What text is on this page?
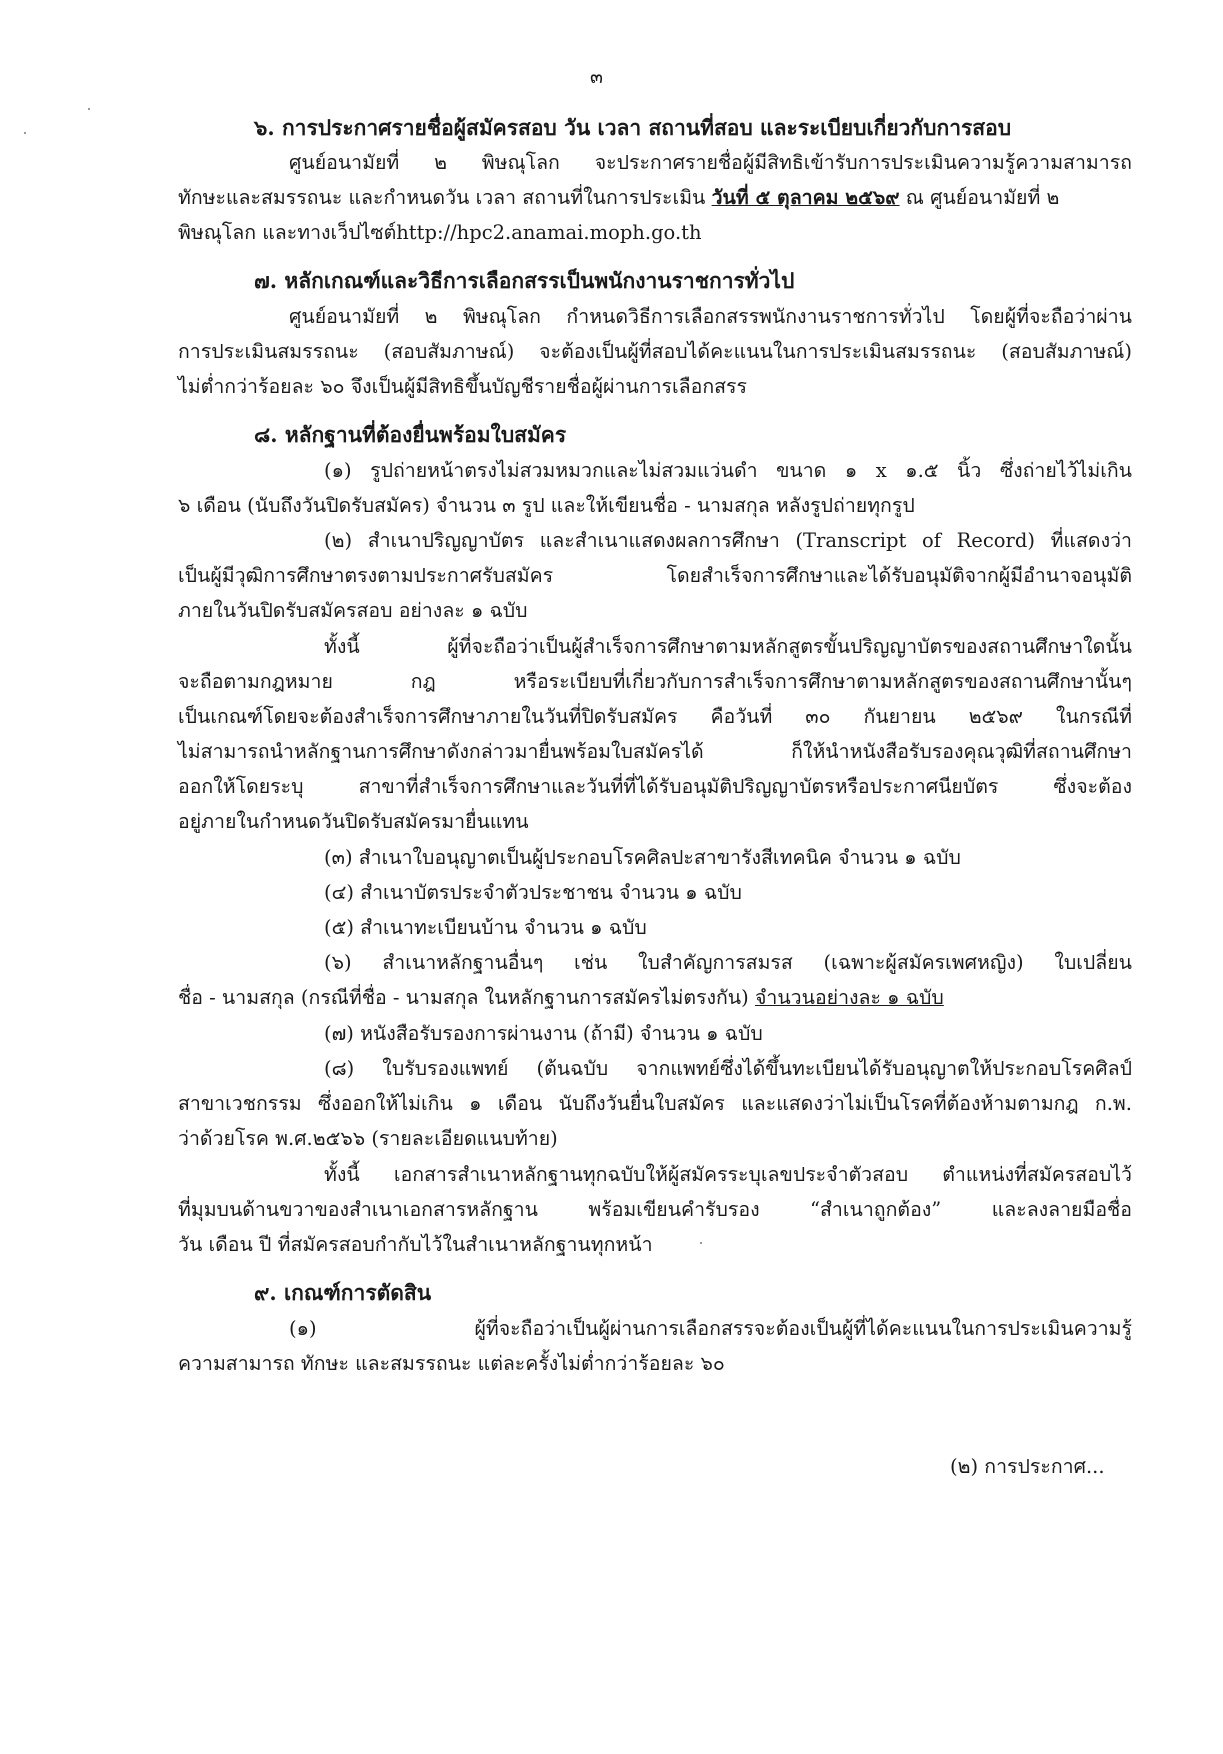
๓
๖. การประกาศรายชื่อผู้สมัครสอบ วัน เวลา สถานที่สอบ และระเบียบเกี่ยวกับการสอบ
ศูนย์อนามัยที่ ๒ พิษณุโลก จะประกาศรายชื่อผู้มีสิทธิเข้ารับการประเมินความรู้ความสามารถ
ทักษะและสมรรถนะ และกำหนดวัน เวลา สถานที่ในการประเมิน วันที่ ๕ ตุลาคม ๒๕๖๙ ณ ศูนย์อนามัยที่ ๒
พิษณุโลก และทางเว็ปไซต์http://hpc2.anamai.moph.go.th
๗. หลักเกณฑ์และวิธีการเลือกสรรเป็นพนักงานราชการทั่วไป
ศูนย์อนามัยที่ ๒ พิษณุโลก กำหนดวิธีการเลือกสรรพนักงานราชการทั่วไป โดยผู้ที่จะถือว่าผ่าน
การประเมินสมรรถนะ (สอบสัมภาษณ์) จะต้องเป็นผู้ที่สอบได้คะแนนในการประเมินสมรรถนะ (สอบสัมภาษณ์)
ไม่ต่ำกว่าร้อยละ ๖๐ จึงเป็นผู้มีสิทธิขึ้นบัญชีรายชื่อผู้ผ่านการเลือกสรร
๘. หลักฐานที่ต้องยื่นพร้อมใบสมัคร
(๑) รูปถ่ายหน้าตรงไม่สวมหมวกและไม่สวมแว่นดำ ขนาด ๑ x ๑.๕ นิ้ว ซึ่งถ่ายไว้ไม่เกิน
๖ เดือน (นับถึงวันปิดรับสมัคร) จำนวน ๓ รูป และให้เขียนชื่อ - นามสกุล หลังรูปถ่ายทุกรูป
(๒) สำเนาปริญญาบัตร และสำเนาแสดงผลการศึกษา (Transcript of Record) ที่แสดงว่า
เป็นผู้มีวุฒิการศึกษาตรงตามประกาศรับสมัคร โดยสำเร็จการศึกษาและได้รับอนุมัติจากผู้มีอำนาจอนุมัติ
ภายในวันปิดรับสมัครสอบ อย่างละ ๑ ฉบับ
ทั้งนี้ ผู้ที่จะถือว่าเป็นผู้สำเร็จการศึกษาตามหลักสูตรขั้นปริญญาบัตรของสถานศึกษาใดนั้น
จะถือตามกฎหมาย กฎ หรือระเบียบที่เกี่ยวกับการสำเร็จการศึกษาตามหลักสูตรของสถานศึกษานั้นๆ
เป็นเกณฑ์โดยจะต้องสำเร็จการศึกษาภายในวันที่ปิดรับสมัคร คือวันที่ ๓๐ กันยายน ๒๕๖๙ ในกรณีที่
ไม่สามารถนำหลักฐานการศึกษาดังกล่าวมายื่นพร้อมใบสมัครได้ ก็ให้นำหนังสือรับรองคุณวุฒิที่สถานศึกษา
ออกให้โดยระบุ สาขาที่สำเร็จการศึกษาและวันที่ที่ได้รับอนุมัติปริญญาบัตรหรือประกาศนียบัตร ซึ่งจะต้อง
อยู่ภายในกำหนดวันปิดรับสมัครมายื่นแทน
(๓) สำเนาใบอนุญาตเป็นผู้ประกอบโรคศิลปะสาขารังสีเทคนิค จำนวน ๑ ฉบับ
(๔) สำเนาบัตรประจำตัวประชาชน จำนวน ๑ ฉบับ
(๕) สำเนาทะเบียนบ้าน จำนวน ๑ ฉบับ
(๖) สำเนาหลักฐานอื่นๆ เช่น ใบสำคัญการสมรส (เฉพาะผู้สมัครเพศหญิง) ใบเปลี่ยน
ชื่อ - นามสกุล (กรณีที่ชื่อ - นามสกุล ในหลักฐานการสมัครไม่ตรงกัน) จำนวนอย่างละ ๑ ฉบับ
(๗) หนังสือรับรองการผ่านงาน (ถ้ามี) จำนวน ๑ ฉบับ
(๘) ใบรับรองแพทย์ (ต้นฉบับ จากแพทย์ซึ่งได้ขึ้นทะเบียนได้รับอนุญาตให้ประกอบโรคศิลป์
สาขาเวชกรรม ซึ่งออกให้ไม่เกิน ๑ เดือน นับถึงวันยื่นใบสมัคร และแสดงว่าไม่เป็นโรคที่ต้องห้ามตามกฎ ก.พ.
ว่าด้วยโรค พ.ศ.๒๕๖๖ (รายละเอียดแนบท้าย)
ทั้งนี้ เอกสารสำเนาหลักฐานทุกฉบับให้ผู้สมัครระบุเลขประจำตัวสอบ ตำแหน่งที่สมัครสอบไว้
ที่มุมบนด้านขวาของสำเนาเอกสารหลักฐาน พร้อมเขียนคำรับรอง “สำเนาถูกต้อง” และลงลายมือชื่อ
วัน เดือน ปี ที่สมัครสอบกำกับไว้ในสำเนาหลักฐานทุกหน้า
๙. เกณฑ์การตัดสิน
(๑) ผู้ที่จะถือว่าเป็นผู้ผ่านการเลือกสรรจะต้องเป็นผู้ที่ได้คะแนนในการประเมินความรู้
ความสามารถ ทักษะ และสมรรถนะ แต่ละครั้งไม่ต่ำกว่าร้อยละ ๖๐
(๒) การประกาศ...
